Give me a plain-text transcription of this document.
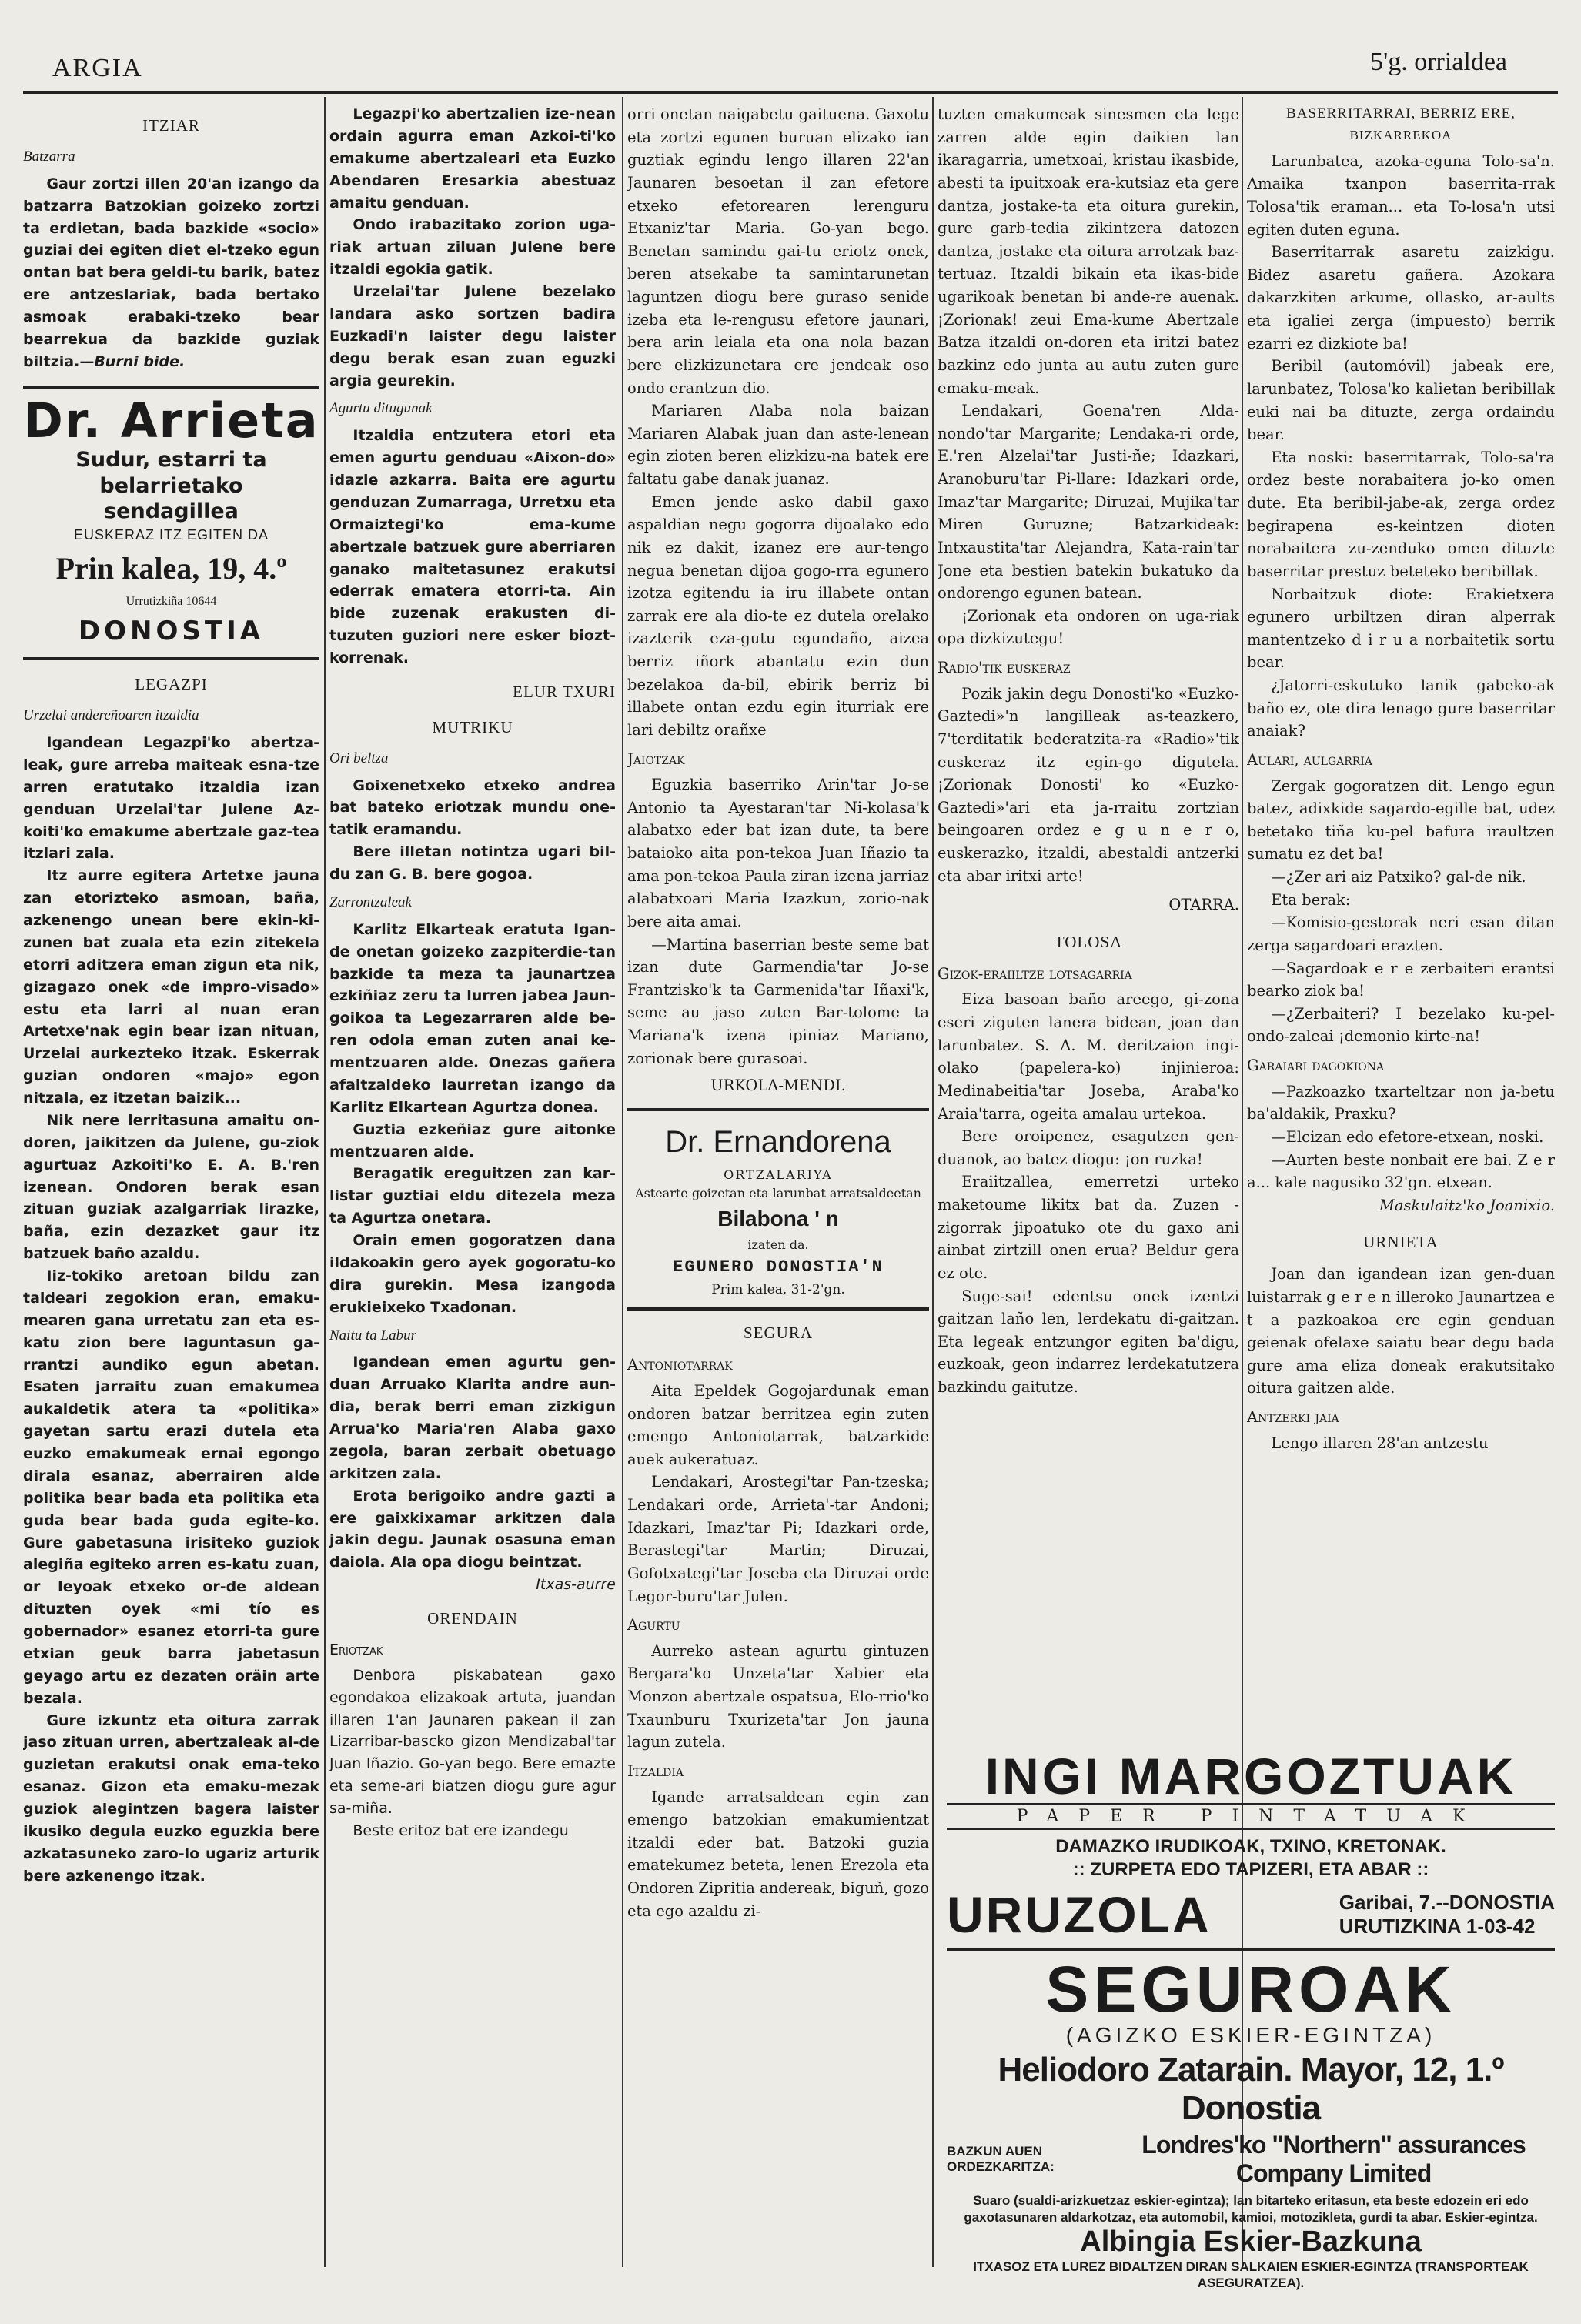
ARGIA	5'g. orrialdea
ITZIAR
Batzarra

Gaur zortzi illen 20'an izango da batzarra Batzokian goizeko zortzi ta erdietan, bada bazkide «socio» guziai dei egiten diet el-tzeko egun ontan bat bera geldi-tu barik, batez ere antzeslariak, bada bertako asmoak erabaki-tzeko bear bearrekua da bazkide guziak biltzia.—Burni bide.

Dr. Arrieta
Sudur, estarri ta belarrietako
sendagillea
EUSKERAZ ITZ EGITEN DA
Prin kalea, 19, 4.º
Urrutizkiña 10644
DONOSTIA
LEGAZPI
Urzelai andereñoaren itzaldia

Igandean Legazpi'ko abertza-leak, gure arreba maiteak esna-tze arren eratutako itzaldia izan genduan Urzelai'tar Julene Az-koiti'ko emakume abertzale gaz-tea itzlari zala.

Itz aurre egitera Artetxe jauna zan etorizteko asmoan, baña, azkenengo unean bere ekin-ki-zunen bat zuala eta ezin zitekela etorri aditzera eman zigun eta nik, gizagazo onek «de impro-visado» estu eta larri al nuan eran Artetxe'nak egin bear izan nituan, Urzelai aurkezteko itzak. Eskerrak guzian ondoren «majo» egon nitzala, ez itzetan baizik...

Nik nere lerritasuna amaitu on-doren, jaikitzen da Julene, gu-ziok agurtuaz Azkoiti'ko E. A. B.'ren izenean. Ondoren berak esan zituan guziak azalgarriak lirazke, baña, ezin dezazket gaur itz batzuek baño azaldu.

Iiz-tokiko aretoan bildu zan taldeari zegokion eran, emaku-mearen gana urretatu zan eta es-katu zion bere laguntasun ga-rrantzi aundiko egun abetan. Esaten jarraitu zuan emakumea aukaldetik atera ta «politika» gayetan sartu erazi dutela eta euzko emakumeak ernai egongo dirala esanaz, aberrairen alde politika bear bada eta politika eta guda bear bada guda egite-ko. Gure gabetasuna irisiteko guziok alegiña egiteko arren es-katu zuan, or leyoak etxeko or-de aldean dituzten oyek «mi tío es gobernador» esanez etorri-ta gure etxian geuk barra jabetasun geyago artu ez dezaten oräin arte bezala.

Gure izkuntz eta oitura zarrak jaso zituan urren, abertzaleak al-de guzietan erakutsi onak ema-teko esanaz. Gizon eta emaku-mezak guziok alegintzen bagera laister ikusiko degula euzko eguzkia bere azkatasuneko zaro-lo ugariz arturik bere azkenengo itzak.

Legazpi'ko abertzalien ize-nean ordain agurra eman Azkoi-ti'ko emakume abertzaleari eta Euzko Abendaren Eresarkia abestuaz amaitu genduan.

Ondo irabazitako zorion uga-riak artuan ziluan Julene bere itzaldi egokia gatik.

Urzelai'tar Julene bezelako landara asko sortzen badira Euzkadi'n laister degu laister degu berak esan zuan eguzki argia geurekin.

Agurtu ditugunak

Itzaldia entzutera etori eta emen agurtu genduau «Aixon-do» idazle azkarra. Baita ere agurtu genduzan Zumarraga, Urretxu eta Ormaiztegi'ko ema-kume abertzale batzuek gure aberriaren ganako maitetasunez erakutsi ederrak ematera etorri-ta. Ain bide zuzenak erakusten di-tuzuten guziori nere esker biozt-korrenak.

ELUR TXURI
MUTRIKU
Ori beltza

Goixenetxeko etxeko andrea bat bateko eriotzak mundu one-tatik eramandu.

Bere illetan notintza ugari bil-du zan G. B. bere gogoa.

Zarrontzaleak

Karlitz Elkarteak eratuta Igan-de onetan goizeko zazpiterdie-tan bazkide ta meza ta jaunartzea ezkiñiaz zeru ta lurren jabea Jaun-goikoa ta Legezarraren alde be-ren odola eman zuten anai ke-mentzuaren alde. Onezas gañera afaltzaldeko laurretan izango da Karlitz Elkartean Agurtza donea.

Guztia ezkeñiaz gure aitonke mentzuaren alde.

Beragatik ereguitzen zan kar-listar guztiai eldu ditezela meza ta Agurtza onetara.

Orain emen gogoratzen dana ildakoakin gero ayek gogoratu-ko dira gurekin. Mesa izangoda erukieixeko Txadonan.

Naitu ta Labur

Igandean emen agurtu gen-duan Arruako Klarita andre aun-dia, berak berri eman zizkigun Arrua'ko Maria'ren Alaba gaxo zegola, baran zerbait obetuago arkitzen zala.

Erota berigoiko andre gazti a ere gaixkixamar arkitzen dala jakin degu. Jaunak osasuna eman daiola. Ala opa diogu beintzat.

Itxas-aurre
ORENDAIN
Eriotzak

Denbora piskabatean gaxo egondakoa elizakoak artuta, juandan illaren 1'an Jaunaren pakean il zan Lizarribar-bascko gizon Mendizabal'tar Juan Iñazio. Go-yan bego. Bere emazte eta seme-ari biatzen diogu gure agur sa-miña.

Beste eritoz bat ere izandegu

orri onetan naigabetu gaituena. Gaxotu eta zortzi egunen buruan elizako ian guztiak egindu lengo illaren 22'an Jaunaren besoetan il zan efetore etxeko efetorearen lerenguru Etxaniz'tar Maria. Go-yan bego. Benetan samindu gai-tu eriotz onek, beren atsekabe ta samintarunetan laguntzen diogu bere guraso senide izeba eta le-rengusu efetore jaunari, bera arin leiala eta ona nola bazan bere elizkizunetara ere jendeak oso ondo erantzun dio.

Mariaren Alaba nola baizan Mariaren Alabak juan dan aste-lenean egin zioten beren elizkizu-na batek ere faltatu gabe danak juanaz.

Emen jende asko dabil gaxo aspaldian negu gogorra dijoalako edo nik ez dakit, izanez ere aur-tengo negua benetan dijoa gogo-rra egunero izotza egitendu ia iru illabete ontan zarrak ere ala dio-te ez dutela orelako izazterik eza-gutu egundaño, aizea berriz iñork abantatu ezin dun bezelakoa da-bil, ebirik berriz bi illabete ontan ezdu egin iturriak ere lari debiltz orañxe

Jaiotzak

Eguzkia baserriko Arin'tar Jo-se Antonio ta Ayestaran'tar Ni-kolasa'k alabatxo eder bat izan dute, ta bere bataioko aita pon-tekoa Juan Iñazio ta ama pon-tekoa Paula ziran izena jarriaz alabatxoari Maria Izazkun, zorio-nak bere aita amai.

—Martina baserrian beste seme bat izan dute Garmendia'tar Jo-se Frantzisko'k ta Garmenida'tar Iñaxi'k, seme au jaso zuten Bar-tolome ta Mariana'k izena ipiniaz Mariano, zorionak bere gurasoai.

URKOLA-MENDI.
Dr. Ernandorena
ORTZALARIYA
Astearte goizetan eta larunbat arratsaldeetan
Bilabona ' n
izaten da.
EGUNERO DONOSTIA'N
Prim kalea, 31-2'gn.
SEGURA
Antoniotarrak

Aita Epeldek Gogojardunak eman ondoren batzar berritzea egin zuten emengo Antoniotarrak, batzarkide auek aukeratuaz.

Lendakari, Arostegi'tar Pan-tzeska; Lendakari orde, Arrieta'-tar Andoni; Idazkari, Imaz'tar Pi; Idazkari orde, Berastegi'tar Martin; Diruzai, Gofotxategi'tar Joseba eta Diruzai orde Legor-buru'tar Julen.

Agurtu

Aurreko astean agurtu gintuzen Bergara'ko Unzeta'tar Xabier eta Monzon abertzale ospatsua, Elo-rrio'ko Txaunburu Txurizeta'tar Jon jauna lagun zutela.

Itzaldia

Igande arratsaldean egin zan emengo batzokian emakumientzat itzaldi eder bat. Batzoki guzia ematekumez beteta, lenen Erezola eta Ondoren Zipritia andereak, biguñ, gozo eta ego azaldu zi-

tuzten emakumeak sinesmen eta lege zarren alde egin daikien lan ikaragarria, umetxoai, kristau ikasbide, abesti ta ipuitxoak era-kutsiaz eta gere dantza, jostake-ta eta oitura gurekin, gure garb-tedia zikintzera datozen dantza, jostake eta oitura arrotzak baz-tertuaz. Itzaldi bikain eta ikas-bide ugarikoak benetan bi ande-re auenak. ¡Zorionak! zeui Ema-kume Abertzale Batza itzaldi on-doren eta iritzi batez bazkinz edo junta au autu zuten gure emaku-meak.

Lendakari, Goena'ren Alda-nondo'tar Margarite; Lendaka-ri orde, E.'ren Alzelai'tar Justi-ñe; Idazkari, Aranoburu'tar Pi-llare: Idazkari orde, Imaz'tar Margarite; Diruzai, Mujika'tar Miren Guruzne; Batzarkideak: Intxaustita'tar Alejandra, Kata-rain'tar Jone eta bestien batekin bukatuko da ondorengo egunen batean.

¡Zorionak eta ondoren on uga-riak opa dizkizutegu!

Radio'tik euskeraz

Pozik jakin degu Donosti'ko «Euzko-Gaztedi»'n langilleak as-teazkero, 7'terditatik bederatzita-ra «Radio»'tik euskeraz itz egin-go digutela. ¡Zorionak Donosti' ko «Euzko-Gaztedi»'ari eta ja-rraitu zortzian beingoaren ordez e g u n e r o, euskerazko, itzaldi, abestaldi antzerki eta abar iritxi arte!

OTARRA.
TOLOSA
Gizok-eraiiltze lotsagarria

Eiza basoan baño areego, gi-zona eseri ziguten lanera bidean, joan dan larunbatez. S. A. M. deritzaion ingi-olako (papelera-ko) injinieroa: Medinabeitia'tar Joseba, Araba'ko Araia'tarra, ogeita amalau urtekoa.

Bere oroipenez, esagutzen gen-duanok, ao batez diogu: ¡on ruzka!

Eraiitzallea, emerretzi urteko maketoume likitx bat da. Zuzen -zigorrak jipoatuko ote du gaxo ani ainbat zirtzill onen erua? Beldur gera ez ote.

Suge-sai! edentsu onek izentzi gaitzan laño len, lerdekatu di-gaitzan. Eta legeak entzungor egiten ba'digu, euzkoak, geon indarrez lerdekatutzera bazkindu gaitutze.

BASERRITARRAI, BERRIZ ERE,
BIZKARREKOA

Larunbatea, azoka-eguna Tolo-sa'n. Amaika txanpon baserrita-rrak Tolosa'tik eraman... eta To-losa'n utsi egiten duten eguna.

Baserritarrak asaretu zaizkigu. Bidez asaretu gañera. Azokara dakarzkiten arkume, ollasko, ar-aults eta igaliei zerga (impuesto) berrik ezarri ez dizkiote ba!

Beribil (automóvil) jabeak ere, larunbatez, Tolosa'ko kalietan beribillak euki nai ba dituzte, zerga ordaindu bear.

Eta noski: baserritarrak, Tolo-sa'ra ordez beste norabaitera jo-ko omen dute. Eta beribil-jabe-ak, zerga ordez begirapena es-keintzen dioten norabaitera zu-zenduko omen dituzte baserritar prestuz beteteko beribillak.

Norbaitzuk diote: Erakietxera egunero urbiltzen diran alperrak mantentzeko d i r u a norbaitetik sortu bear.

¿Jatorri-eskutuko lanik gabeko-ak baño ez, ote dira lenago gure baserritar anaiak?

Aulari, aulgarria

Zergak gogoratzen dit. Lengo egun batez, adixkide sagardo-egille bat, udez betetako tiña ku-pel bafura iraultzen sumatu ez det ba!

—¿Zer ari aiz Patxiko? gal-de nik.

Eta berak:

—Komisio-gestorak neri esan ditan zerga sagardoari erazten.

—Sagardoak e r e zerbaiteri erantsi bearko ziok ba!

—¿Zerbaiteri? I bezelako ku-pel-ondo-zaleai ¡demonio kirte-na!

Garaiari dagokiona

—Pazkoazko txarteltzar non ja-betu ba'aldakik, Praxku?

—Elcizan edo efetore-etxean, noski.

—Aurten beste nonbait ere bai. Z e r a... kale nagusiko 32'gn. etxean.

Maskulaitz'ko Joanixio.
URNIETA

Joan dan igandean izan gen-duan luistarrak g e r e n illeroko Jaunartzea e t a pazkoakoa ere egin genduan geienak ofelaxe saiatu bear degu bada gure ama eliza doneak erakutsitako oitura gaitzen alde.

Antzerki jaia

Lengo illaren 28'an antzestu

INGI MARGOZTUAK
PAPER PINTATUAK
DAMAZKO IRUDIKOAK, TXINO, KRETONAK.
:: ZURPETA EDO TAPIZERI, ETA ABAR ::
URUZOLA	Garibai, 7.--DONOSTIA
URUTIZKINA 1-03-42
SEGUROAK
(AGIZKO ESKIER-EGINTZA)
Heliodoro Zatarain. Mayor, 12, 1.º Donostia
BAZKUN AUEN ORDEZKARITZA:
Londres'ko "Northern" assurances Company Limited
Suaro (sualdi-arizkuetzaz eskier-egintza); lan bitarteko eritasun, eta beste edozein eri edo gaxotasunaren aldarkotzaz, eta automobil, kamioi, motozikleta, gurdi ta abar. Eskier-egintza.
Albingia Eskier-Bazkuna
ITXASOZ ETA LUREZ BIDALTZEN DIRAN SALKAIEN ESKIER-EGINTZA (TRANSPORTEAK ASEGURATZEA).
